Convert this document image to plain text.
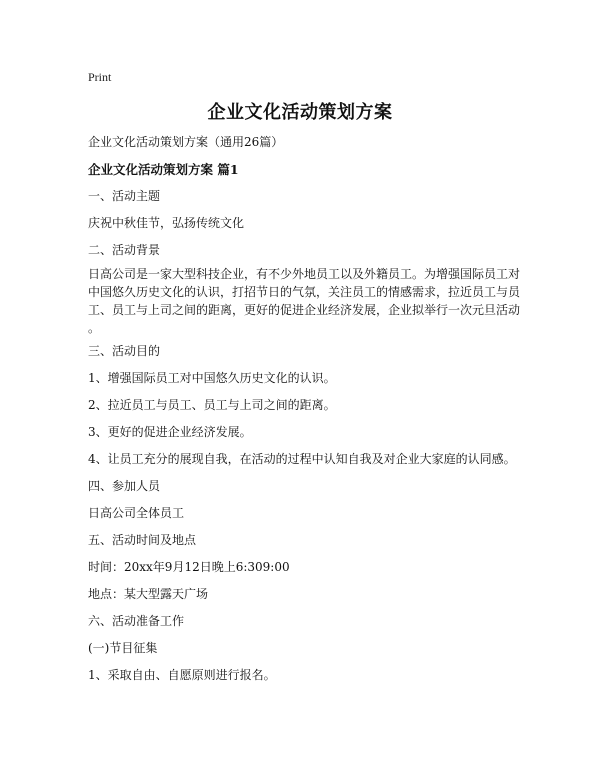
Print
企业文化活动策划方案
企业文化活动策划方案（通用26篇）
企业文化活动策划方案 篇1
一、活动主题
庆祝中秋佳节，弘扬传统文化
二、活动背景
日高公司是一家大型科技企业，有不少外地员工以及外籍员工。为增强国际员工对
中国悠久历史文化的认识，打招节日的气氛，关注员工的情感需求，拉近员工与员
工、员工与上司之间的距离，更好的促进企业经济发展，企业拟举行一次元旦活动
。
三、活动目的
1、增强国际员工对中国悠久历史文化的认识。
2、拉近员工与员工、员工与上司之间的距离。
3、更好的促进企业经济发展。
4、让员工充分的展现自我，在活动的过程中认知自我及对企业大家庭的认同感。
四、参加人员
日高公司全体员工
五、活动时间及地点
时间：20xx年9月12日晚上6:309:00
地点：某大型露天广场
六、活动准备工作
(一)节目征集
1、采取自由、自愿原则进行报名。
